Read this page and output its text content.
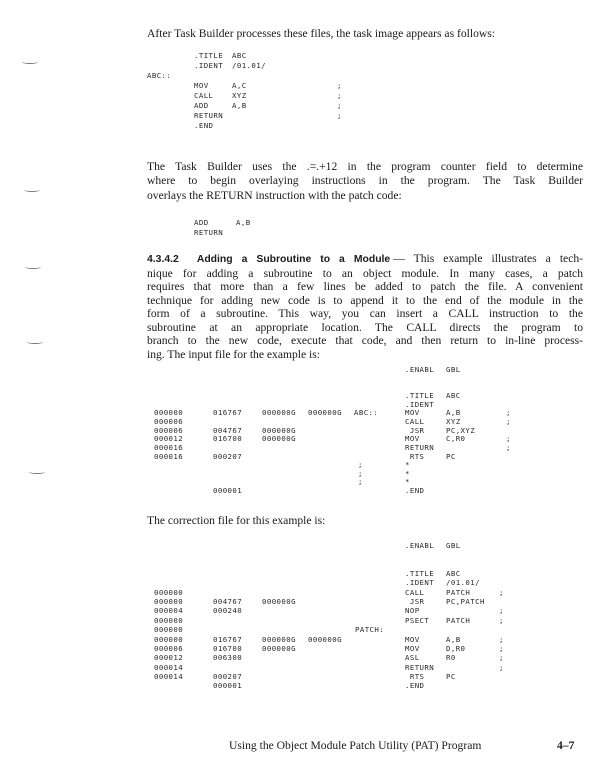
After Task Builder processes these files, the task image appears as follows:
.TITLE ABC
.IDENT /01.01/
ABC::
MOV	A,C	;
CALL	XYZ	;
ADD	A,B	;
RETURN	;
.END
The Task Builder uses the .=.+12 in the program counter field to determine
where to begin overlaying instructions in the program. The Task Builder
overlays the RETURN instruction with the patch code:
ADD	A,B
RETURN
4.3.4.2 Adding a Subroutine to a Module — This example illustrates a tech-
nique for adding a subroutine to an object module. In many cases, a patch
requires that more than a few lines be added to patch the file. A convenient
technique for adding new code is to append it to the end of the module in the
form of a subroutine. This way, you can insert a CALL instruction to the
subroutine at an appropriate location. The CALL directs the program to
branch to the new code, execute that code, and then return to in-line process-
ing. The input file for the example is:
.ENABL GBL
.TITLE ABC
.IDENT
000000	016767	000000G 000000G ABC::	MOV	A,B	;
000006	CALL	XYZ	;
000006	004767	000000G	JSR	PC,XYZ
000012	016700	000000G	MOV	C,R0	;
000016	RETURN	;
000016	000207	RTS	PC
;	*
;	*
;	*
000001	.END
The correction file for this example is:
.ENABL GBL
.TITLE ABC
.IDENT /01.01/
000000	CALL	PATCH	;
000000	004767	000000G	JSR	PC,PATCH
000004	000240	NOP	;
000000	PSECT PATCH	;
000000	PATCH:
000000	016767	000000G 000000G	MOV	A,B	;
000006	016700	000000G	MOV	D,R0	;
000012	006300	ASL	R0	;
000014	RETURN	;
000014	000207	RTS	PC
000001	.END
Using the Object Module Patch Utility (PAT) Program	4–7
